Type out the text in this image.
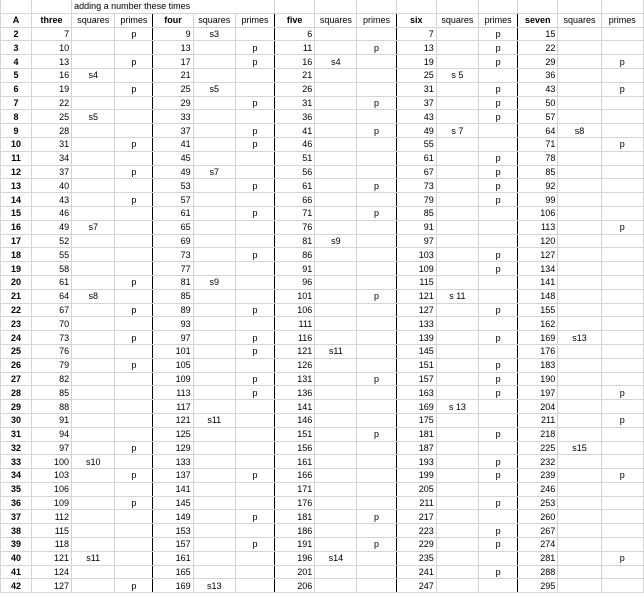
		adding a number these times													
A	three	squares	primes	four	squares	primes	five	squares	primes	six	squares	primes	seven	squares	primes
2	7		p	9	s3		6			7		p	15		
3	10			13		p	11		p	13		p	22		
4	13		p	17		p	16	s4		19		p	29		p
5	16	s4		21			21			25	s 5		36		
6	19		p	25	s5		26			31		p	43		p
7	22			29		p	31		p	37		p	50		
8	25	s5		33			36			43		p	57		
9	28			37		p	41		p	49	s 7		64	s8	
10	31		p	41		p	46			55			71		p
11	34			45			51			61		p	78		
12	37		p	49	s7		56			67		p	85		
13	40			53		p	61		p	73		p	92		
14	43		p	57			66			79		p	99		
15	46			61		p	71		p	85			106		
16	49	s7		65			76			91			113		p
17	52			69			81	s9		97			120		
18	55			73		p	86			103		p	127		
19	58			77			91			109		p	134		
20	61		p	81	s9		96			115			141		
21	64	s8		85			101		p	121	s 11		148		
22	67		p	89		p	106			127		p	155		
23	70			93			111			133			162		
24	73		p	97		p	116			139		p	169	s13	
25	76			101		p	121	s11		145			176		
26	79		p	105			126			151		p	183		
27	82			109		p	131		p	157		p	190		
28	85			113		p	136			163		p	197		p
29	88			117			141			169	s 13		204		
30	91			121	s11		146			175			211		p
31	94			125			151		p	181		p	218		
32	97		p	129			156			187			225	s15	
33	100	s10		133			161			193		p	232		
34	103		p	137		p	166			199		p	239		p
35	106			141			171			205			246		
36	109		p	145			176			211		p	253		
37	112			149		p	181		p	217			260		
38	115			153			186			223		p	267		
39	118			157		p	191		p	229		p	274		
40	121	s11		161			196	s14		235			281		p
41	124			165			201			241		p	288		
42	127		p	169	s13		206			247			295		
